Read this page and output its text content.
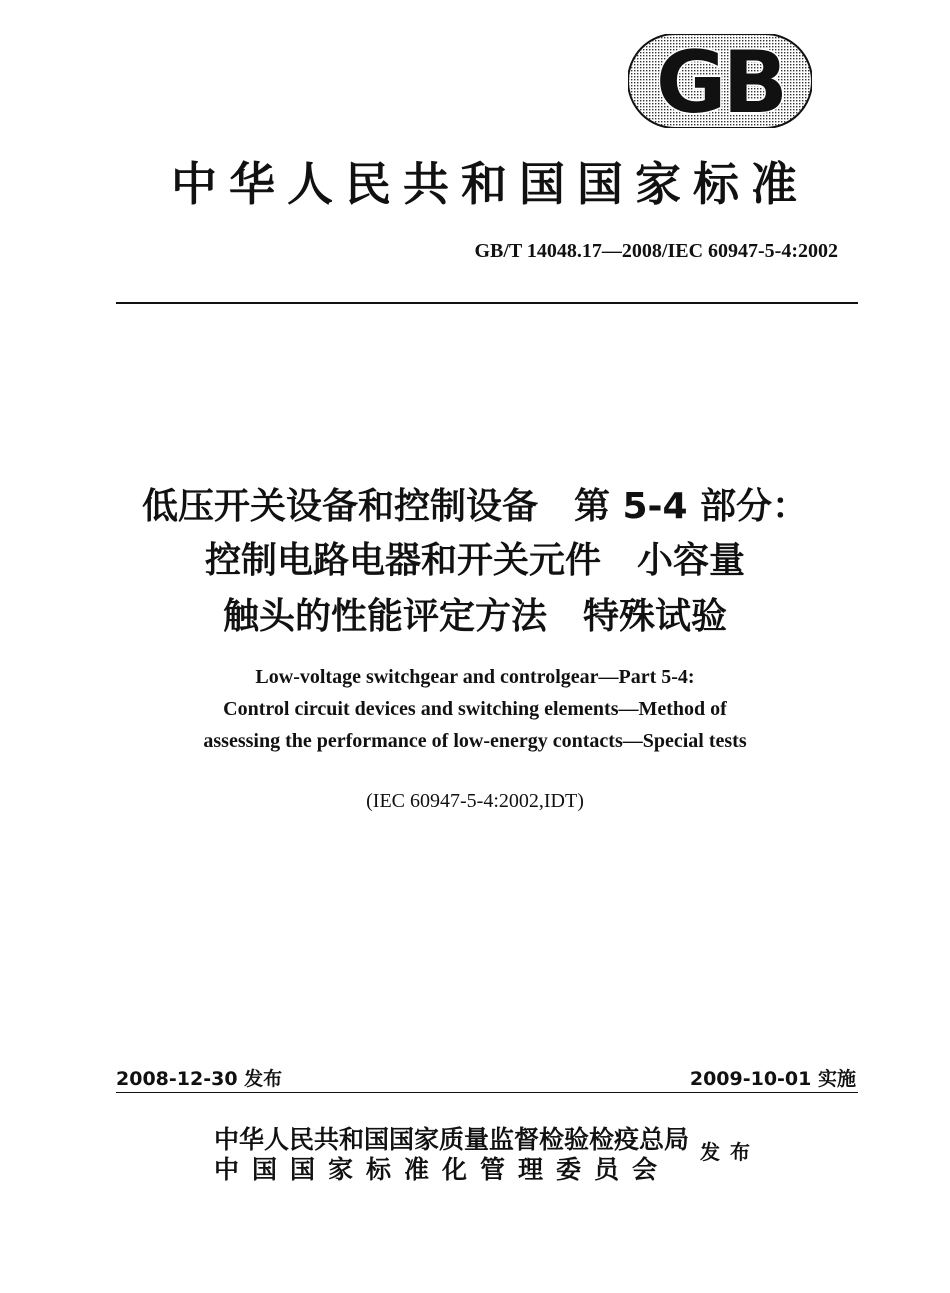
GB
中华人民共和国国家标准
GB/T 14048.17—2008/IEC 60947-5-4:2002
低压开关设备和控制设备　第 5-4 部分：
控制电路电器和开关元件　小容量
触头的性能评定方法　特殊试验
Low-voltage switchgear and controlgear—Part 5-4:
Control circuit devices and switching elements—Method of
assessing the performance of low-energy contacts—Special tests
(IEC 60947-5-4:2002,IDT)
2008-12-30 发布	2009-10-01 实施
中华人民共和国国家质量监督检验检疫总局
中国国家标准化管理委员会
发布
